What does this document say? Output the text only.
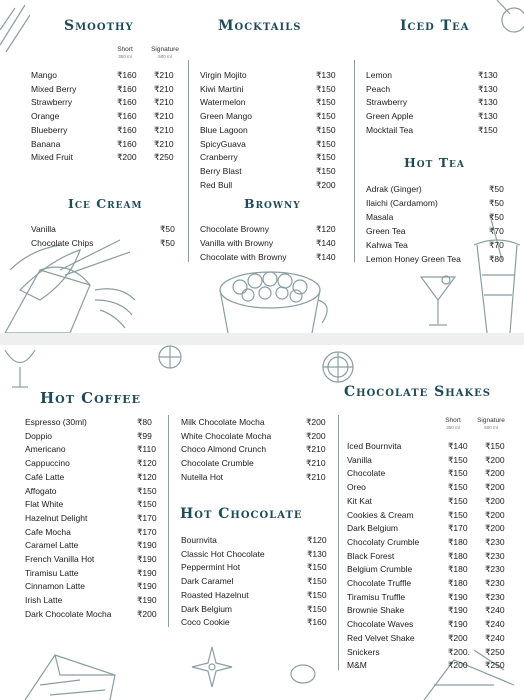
Smoothy	Mocktails	Iced Tea
Short
350 ml
Signature
500 ml
Mango	₹160 ₹210
Mixed Berry	₹160 ₹210
Strawberry	₹160 ₹210
Orange	₹160 ₹210
Blueberry	₹160 ₹210
Banana	₹160 ₹210
Mixed Fruit	₹200 ₹250
Ice Cream
Vanilla	₹50
Chocolate Chips	₹50
Virgin Mojito	₹130
Kiwi Martini	₹150
Watermelon	₹150
Green Mango	₹150
Blue Lagoon	₹150
SpicyGuava	₹150
Cranberry	₹150
Berry Blast	₹150
Red Bull	₹200
Browny
Chocolate Browny	₹120
Vanilla with Browny	₹140
Chocolate with Browny	₹140
Lemon	₹130
Peach	₹130
Strawberry	₹130
Green Apple	₹130
Mocktail Tea	₹150
Hot Tea
Adrak (Ginger)	₹50
Ilaichi (Cardamom)	₹50
Masala	₹50
Green Tea	₹70
Kahwa Tea	₹70
Lemon Honey Green Tea	₹80
Hot Coffee	Chocolate Shakes
Hot Chocolate
Short
350 ml
Signature
500 ml
Espresso (30ml)	₹80
Doppio	₹99
Americano	₹110
Cappuccino	₹120
Café Latte	₹120
Affogato	₹150
Flat White	₹150
Hazelnut Delight	₹170
Cafe Mocha	₹170
Caramel Latte	₹190
French Vanilla Hot	₹190
Tiramisu Latte	₹190
Cinnamon Latte	₹190
Irish Latte	₹190
Dark Chocolate Mocha	₹200
Milk Chocolate Mocha	₹200
White Chocolate Mocha	₹200
Choco Almond Crunch	₹210
Chocolate Crumble	₹210
Nutella Hot	₹210
Bournvita	₹120
Classic Hot Chocolate	₹130
Peppermint Hot	₹150
Dark Caramel	₹150
Roasted Hazelnut	₹150
Dark Belgium	₹150
Coco Cookie	₹160
Iced Bournvita	₹140 ₹150
Vanilla	₹150 ₹200
Chocolate	₹150 ₹200
Oreo	₹150 ₹200
Kit Kat	₹150 ₹200
Cookies & Cream	₹150 ₹200
Dark Belgium	₹170 ₹200
Chocolaty Crumble	₹180 ₹230
Black Forest	₹180 ₹230
Belgium Crumble	₹180 ₹230
Chocolate Truffle	₹180 ₹230
Tiramisu Truffle	₹190 ₹230
Brownie Shake	₹190 ₹240
Chocolate Waves	₹190 ₹240
Red Velvet Shake	₹200 ₹240
Snickers	₹200. ₹250
M&M	₹200 ₹250
